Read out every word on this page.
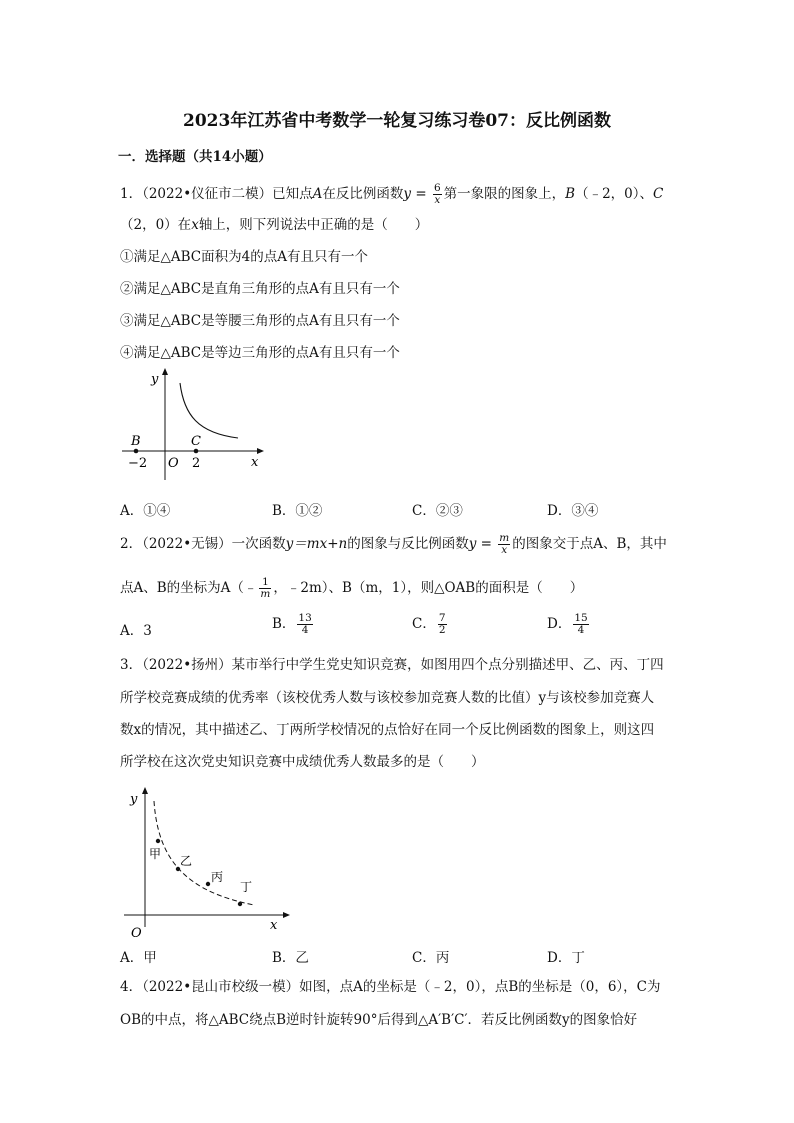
2023年江苏省中考数学一轮复习练习卷07：反比例函数
一．选择题（共14小题）
1．（2022•仪征市二模）已知点A在反比例函数$y = \frac{6}{x}$ 第一象限的图象上，B（﹣2，0）、C
（2，0）在x轴上，则下列说法中正确的是（　　）
①满足△ABC面积为4的点A有且只有一个
②满足△ABC是直角三角形的点A有且只有一个
③满足△ABC是等腰三角形的点A有且只有一个
④满足△ABC是等边三角形的点A有且只有一个
y
x
B	C
O
−2	2
A．①④	B．①②	C．②③	D．③④
2．（2022•无锡）一次函数y＝mx+n的图象与反比例函数$y = \frac{m}{x}$ 的图象交于点A、B，其中
点A、B的坐标为A（﹣ $\frac{1}{m}$ ，﹣2m）、B（m，1），则△OAB的面积是（　　）
A．3	B． $\frac{13}{4}$	C． $\frac{7}{2}$	D． $\frac{15}{4}$
3．（2022•扬州）某市举行中学生党史知识竞赛，如图用四个点分别描述甲、乙、丙、丁四
所学校竞赛成绩的优秀率（该校优秀人数与该校参加竞赛人数的比值）y与该校参加竞赛人
数x的情况，其中描述乙、丁两所学校情况的点恰好在同一个反比例函数的图象上，则这四
所学校在这次党史知识竞赛中成绩优秀人数最多的是（　　）
y
x
O
甲 乙
丙
丁
A．甲	B．乙	C．丙	D．丁
4．（2022•昆山市校级一模）如图，点A的坐标是（﹣2，0），点B的坐标是（0，6），C为
OB的中点，将△ABC绕点B逆时针旋转90°后得到△A′B′C′．若反比例函数y的图象恰好
